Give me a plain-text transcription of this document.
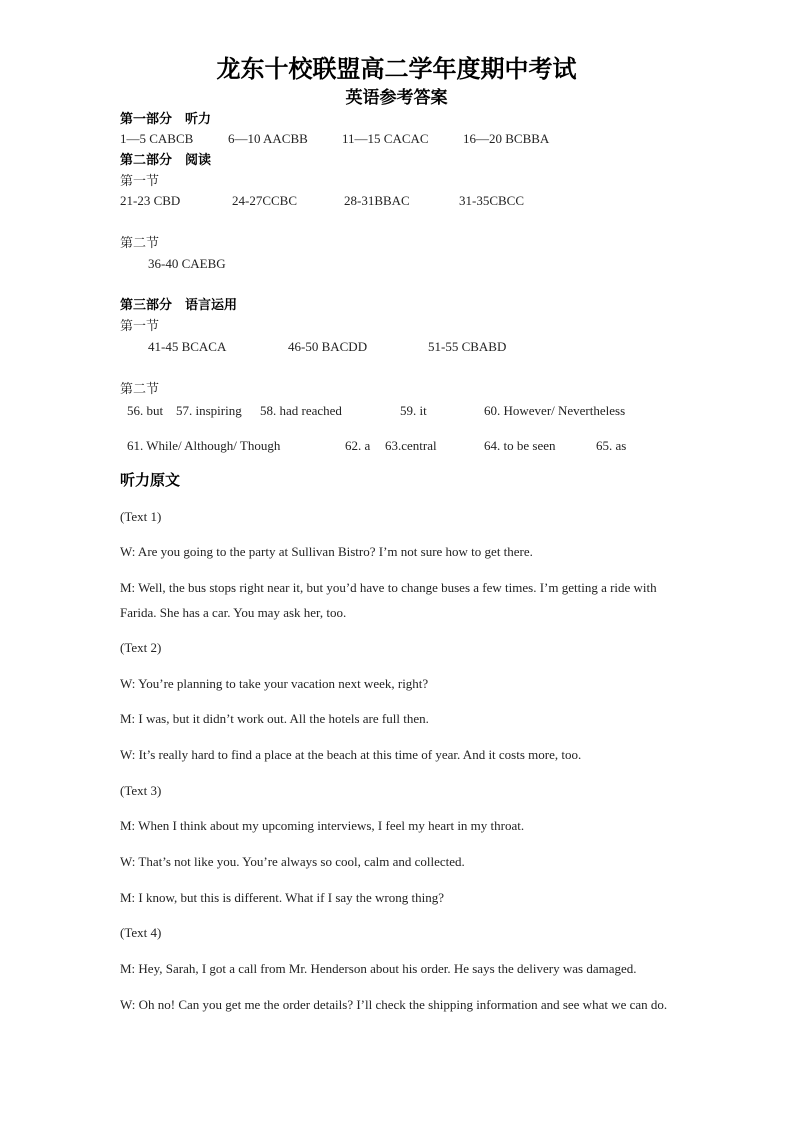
龙东十校联盟高二学年度期中考试
英语参考答案
第一部分　听力
1—5 CABCB	6—10 AACBB	11—15 CACAC	16—20 BCBBA
第二部分　阅读
第一节
21-23 CBD	24-27CCBC	28-31BBAC	31-35CBCC
第二节
36-40 CAEBG
第三部分　语言运用
第一节
41-45 BCACA	46-50 BACDD	51-55 CBABD
第二节
56. but 57. inspiring 58. had reached	59. it	60. However/ Nevertheless
61. While/ Although/ Though	62. a 63.central	64. to be seen	65. as
听力原文
(Text 1)
W: Are you going to the party at Sullivan Bistro? I’m not sure how to get there.
M: Well, the bus stops right near it, but you’d have to change buses a few times. I’m getting a ride with Farida. She has a car. You may ask her, too.
(Text 2)
W: You’re planning to take your vacation next week, right?
M: I was, but it didn’t work out. All the hotels are full then.
W: It’s really hard to find a place at the beach at this time of year. And it costs more, too.
(Text 3)
M: When I think about my upcoming interviews, I feel my heart in my throat.
W: That’s not like you. You’re always so cool, calm and collected.
M: I know, but this is different. What if I say the wrong thing?
(Text 4)
M: Hey, Sarah, I got a call from Mr. Henderson about his order. He says the delivery was damaged.
W: Oh no! Can you get me the order details? I’ll check the shipping information and see what we can do.
